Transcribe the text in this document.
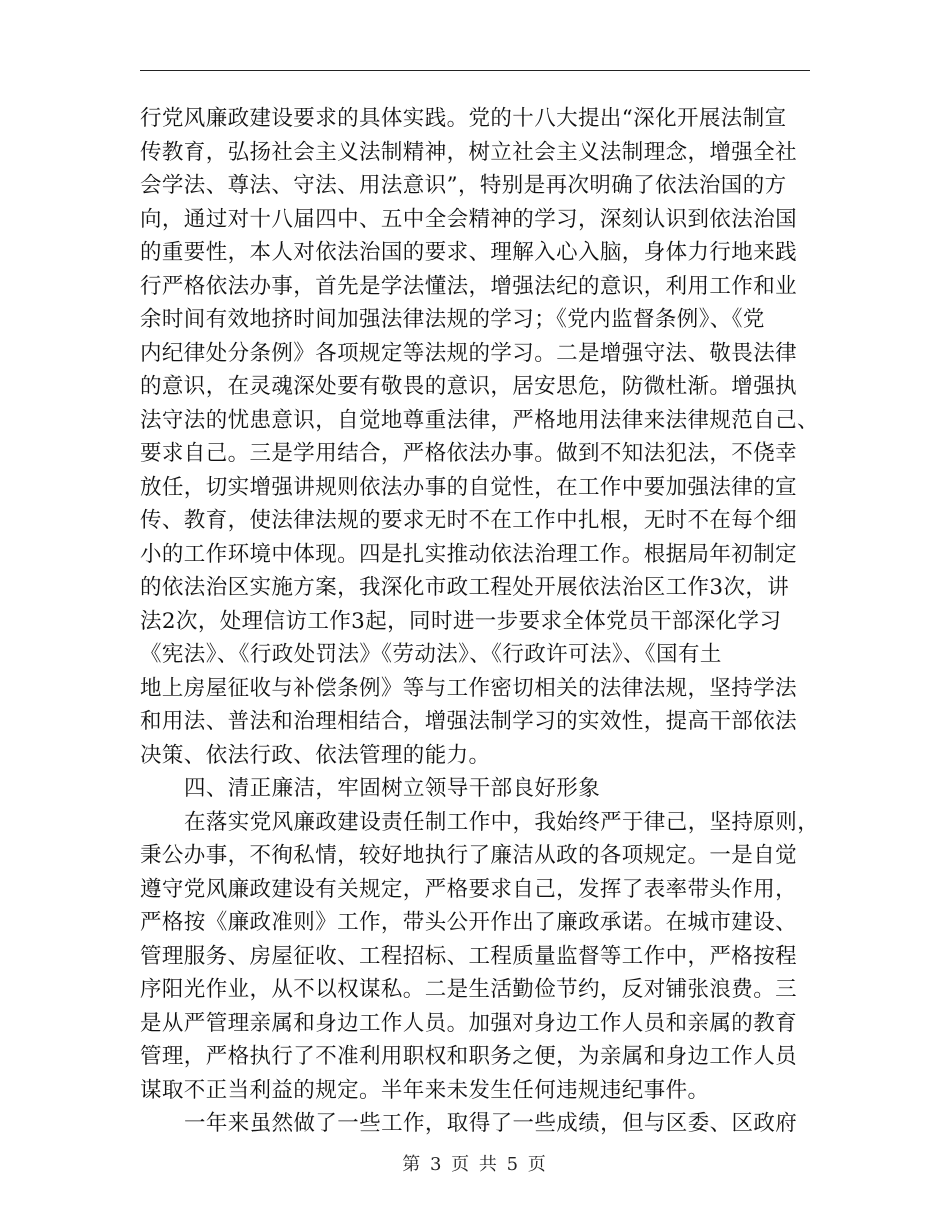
行党风廉政建设要求的具体实践。党的十八大提出“深化开展法制宣
传教育，弘扬社会主义法制精神，树立社会主义法制理念，增强全社
会学法、尊法、守法、用法意识”，特别是再次明确了依法治国的方
向，通过对十八届四中、五中全会精神的学习，深刻认识到依法治国
的重要性，本人对依法治国的要求、理解入心入脑，身体力行地来践
行严格依法办事，首先是学法懂法，增强法纪的意识，利用工作和业
余时间有效地挤时间加强法律法规的学习；《党内监督条例》、《党
内纪律处分条例》各项规定等法规的学习。二是增强守法、敬畏法律
的意识，在灵魂深处要有敬畏的意识，居安思危，防微杜渐。增强执
法守法的忧患意识，自觉地尊重法律，严格地用法律来法律规范自己、
要求自己。三是学用结合，严格依法办事。做到不知法犯法，不侥幸
放任，切实增强讲规则依法办事的自觉性，在工作中要加强法律的宣
传、教育，使法律法规的要求无时不在工作中扎根，无时不在每个细
小的工作环境中体现。四是扎实推动依法治理工作。根据局年初制定
的依法治区实施方案，我深化市政工程处开展依法治区工作3次，讲
法2次，处理信访工作3起，同时进一步要求全体党员干部深化学习
《宪法》、《行政处罚法》《劳动法》、《行政许可法》、《国有土
地上房屋征收与补偿条例》等与工作密切相关的法律法规，坚持学法
和用法、普法和治理相结合，增强法制学习的实效性，提高干部依法
决策、依法行政、依法管理的能力。
四、清正廉洁，牢固树立领导干部良好形象
在落实党风廉政建设责任制工作中，我始终严于律己，坚持原则，
秉公办事，不徇私情，较好地执行了廉洁从政的各项规定。一是自觉
遵守党风廉政建设有关规定，严格要求自己，发挥了表率带头作用，
严格按《廉政准则》工作，带头公开作出了廉政承诺。在城市建设、
管理服务、房屋征收、工程招标、工程质量监督等工作中，严格按程
序阳光作业，从不以权谋私。二是生活勤俭节约，反对铺张浪费。三
是从严管理亲属和身边工作人员。加强对身边工作人员和亲属的教育
管理，严格执行了不准利用职权和职务之便，为亲属和身边工作人员
谋取不正当利益的规定。半年来未发生任何违规违纪事件。
一年来虽然做了一些工作，取得了一些成绩，但与区委、区政府
第 3 页 共 5 页
